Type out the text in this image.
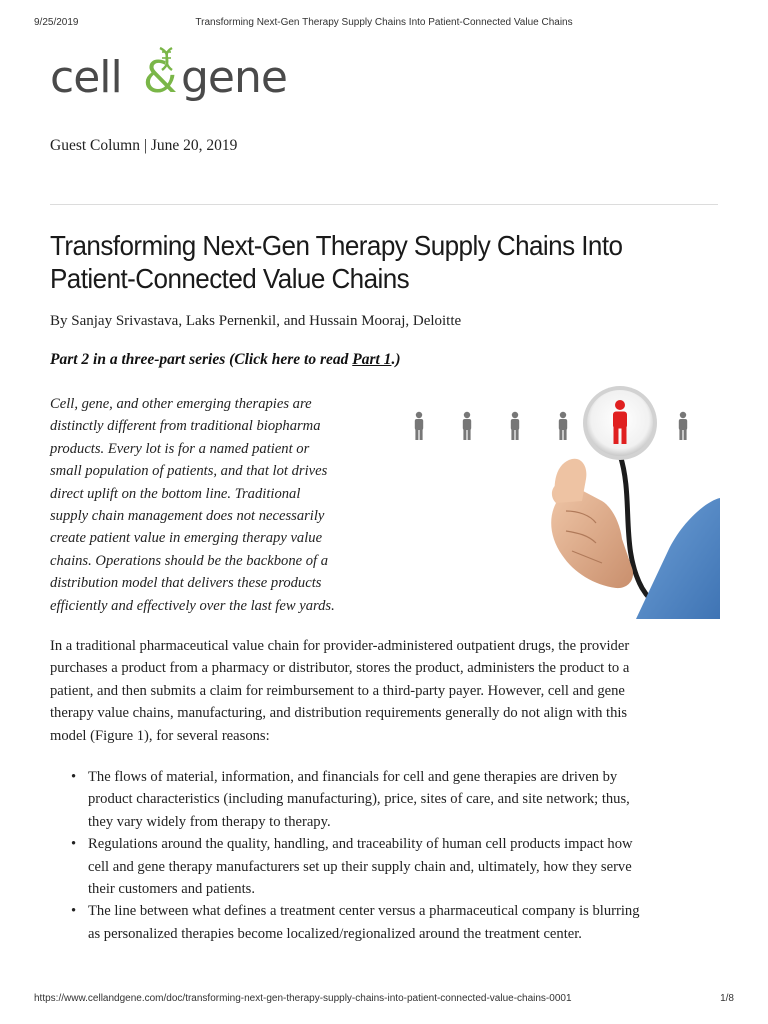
9/25/2019	Transforming Next-Gen Therapy Supply Chains Into Patient-Connected Value Chains
cell & gene
Guest Column | June 20, 2019
Transforming Next-Gen Therapy Supply Chains Into
Patient-Connected Value Chains
By Sanjay Srivastava, Laks Pernenkil, and Hussain Mooraj, Deloitte
Part 2 in a three-part series (Click here to read Part 1.)
Cell, gene, and other emerging therapies are
distinctly different from traditional biopharma
products. Every lot is for a named patient or
small population of patients, and that lot drives
direct uplift on the bottom line. Traditional
supply chain management does not necessarily
create patient value in emerging therapy value
chains. Operations should be the backbone of a
distribution model that delivers these products
efficiently and effectively over the last few yards.
In a traditional pharmaceutical value chain for provider-administered outpatient drugs, the provider
purchases a product from a pharmacy or distributor, stores the product, administers the product to a
patient, and then submits a claim for reimbursement to a third-party payer. However, cell and gene
therapy value chains, manufacturing, and distribution requirements generally do not align with this
model (Figure 1), for several reasons:
• The flows of material, information, and financials for cell and gene therapies are driven by
product characteristics (including manufacturing), price, sites of care, and site network; thus,
they vary widely from therapy to therapy.
• Regulations around the quality, handling, and traceability of human cell products impact how
cell and gene therapy manufacturers set up their supply chain and, ultimately, how they serve
their customers and patients.
• The line between what defines a treatment center versus a pharmaceutical company is blurring
as personalized therapies become localized/regionalized around the treatment center.
https://www.cellandgene.com/doc/transforming-next-gen-therapy-supply-chains-into-patient-connected-value-chains-0001	1/8
